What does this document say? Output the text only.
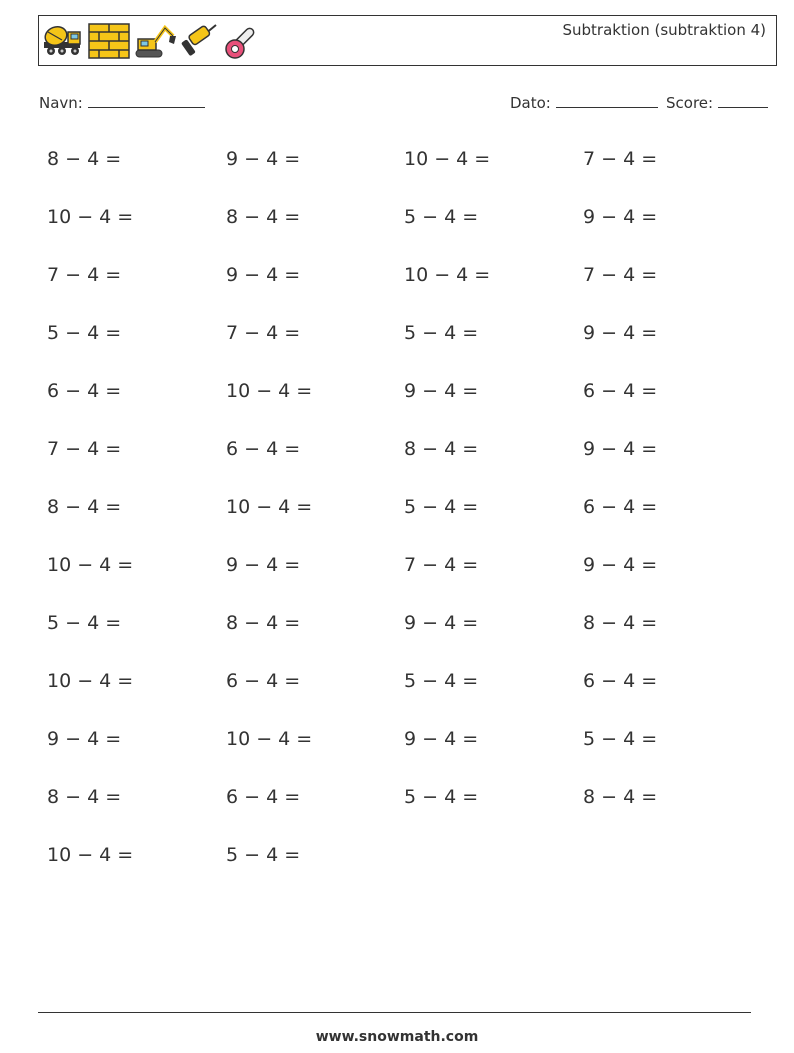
Subtraktion (subtraktion 4)
Navn:	Dato:	Score:
8 − 4 =	9 − 4 =	10 − 4 =	7 − 4 =
10 − 4 =	8 − 4 =	5 − 4 =	9 − 4 =
7 − 4 =	9 − 4 =	10 − 4 =	7 − 4 =
5 − 4 =	7 − 4 =	5 − 4 =	9 − 4 =
6 − 4 =	10 − 4 =	9 − 4 =	6 − 4 =
7 − 4 =	6 − 4 =	8 − 4 =	9 − 4 =
8 − 4 =	10 − 4 =	5 − 4 =	6 − 4 =
10 − 4 =	9 − 4 =	7 − 4 =	9 − 4 =
5 − 4 =	8 − 4 =	9 − 4 =	8 − 4 =
10 − 4 =	6 − 4 =	5 − 4 =	6 − 4 =
9 − 4 =	10 − 4 =	9 − 4 =	5 − 4 =
8 − 4 =	6 − 4 =	5 − 4 =	8 − 4 =
10 − 4 =	5 − 4 =
www.snowmath.com
